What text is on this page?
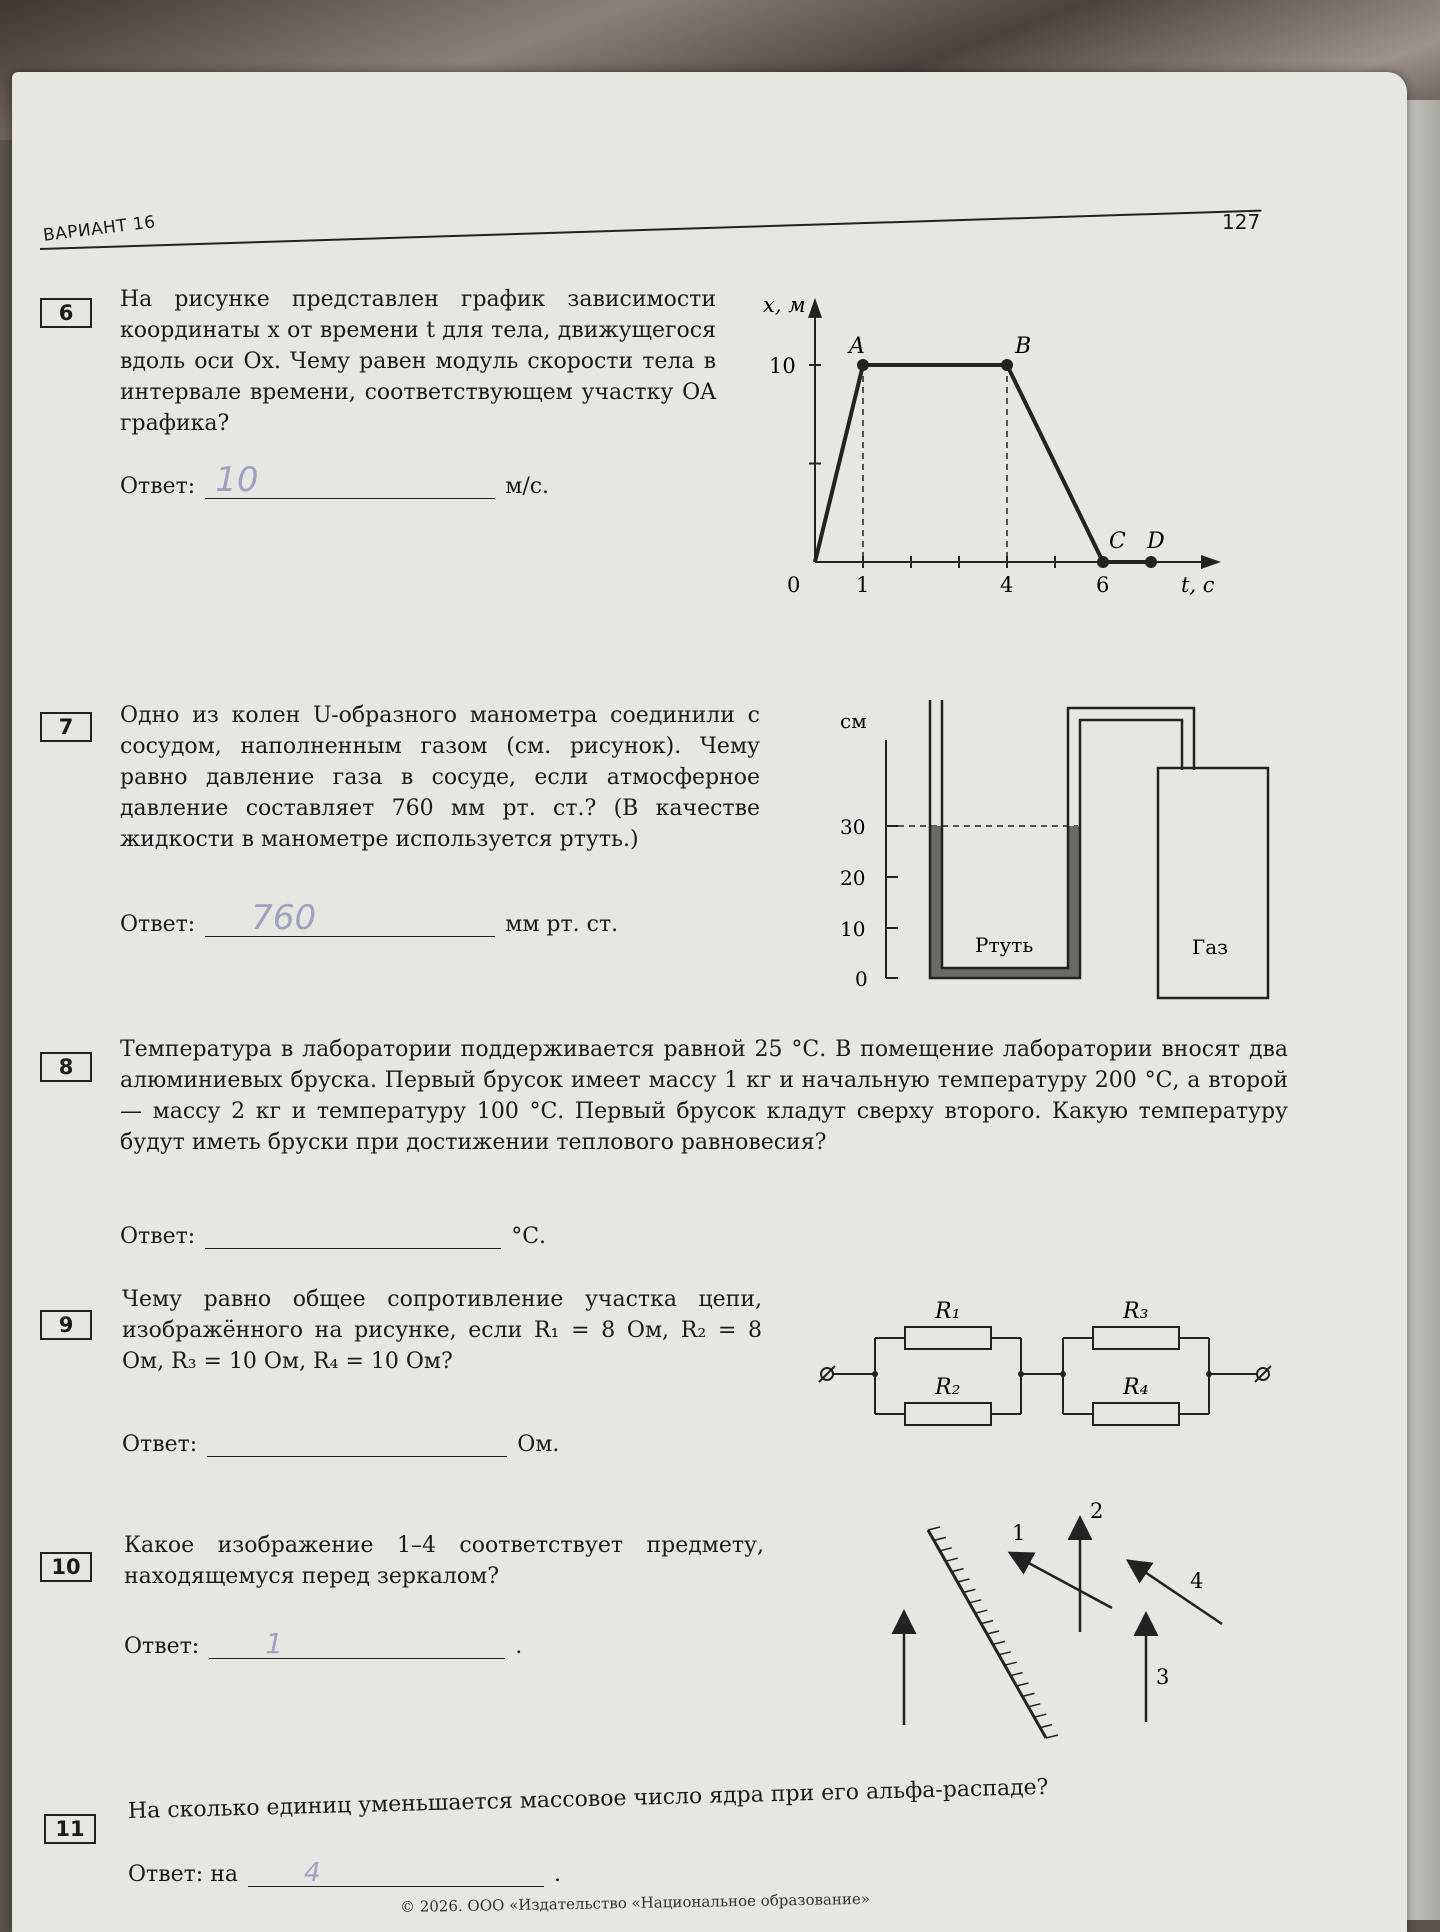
ВАРИАНТ 16	127
6
На рисунке представлен график зависимости координаты x от времени t для тела, движущегося вдоль оси Ox. Чему равен модуль скорости тела в интервале времени, соответствующем участку OA графика?
Ответ: 10	м/с.
A	B
C D
0	1	4	6
10
x, м
t, с
7	Одно из колен U-образного манометра соединили с сосудом, наполненным газом (см. рисунок). Чему равно давление газа в сосуде, если атмосферное давление составляет 760 мм рт. ст.? (В качестве жидкости в манометре используется ртуть.)
Ответ: 760	мм рт. ст.
см
30
20
10
0
Ртуть	Газ
8
Температура в лаборатории поддерживается равной 25 °С. В помещение лаборатории вносят два алюминиевых бруска. Первый брусок имеет массу 1 кг и начальную температуру 200 °С, а второй — массу 2 кг и температуру 100 °С. Первый брусок кладут сверху второго. Какую температуру будут иметь бруски при достижении теплового равновесия?
Ответ:	°С.
9
Чему равно общее сопротивление участка цепи, изображённого на рисунке, если R₁ = 8 Ом, R₂ = 8 Ом, R₃ = 10 Ом, R₄ = 10 Ом?
Ответ:	Ом.
R₁
R₂
R₃
R₄
10
Какое изображение 1–4 соответствует предмету, находящемуся перед зеркалом?
Ответ: 1	.
1
2
3
4
11
На сколько единиц уменьшается массовое число ядра при его альфа-распаде?
Ответ: на	4	.
© 2026. ООО «Издательство «Национальное образование»
